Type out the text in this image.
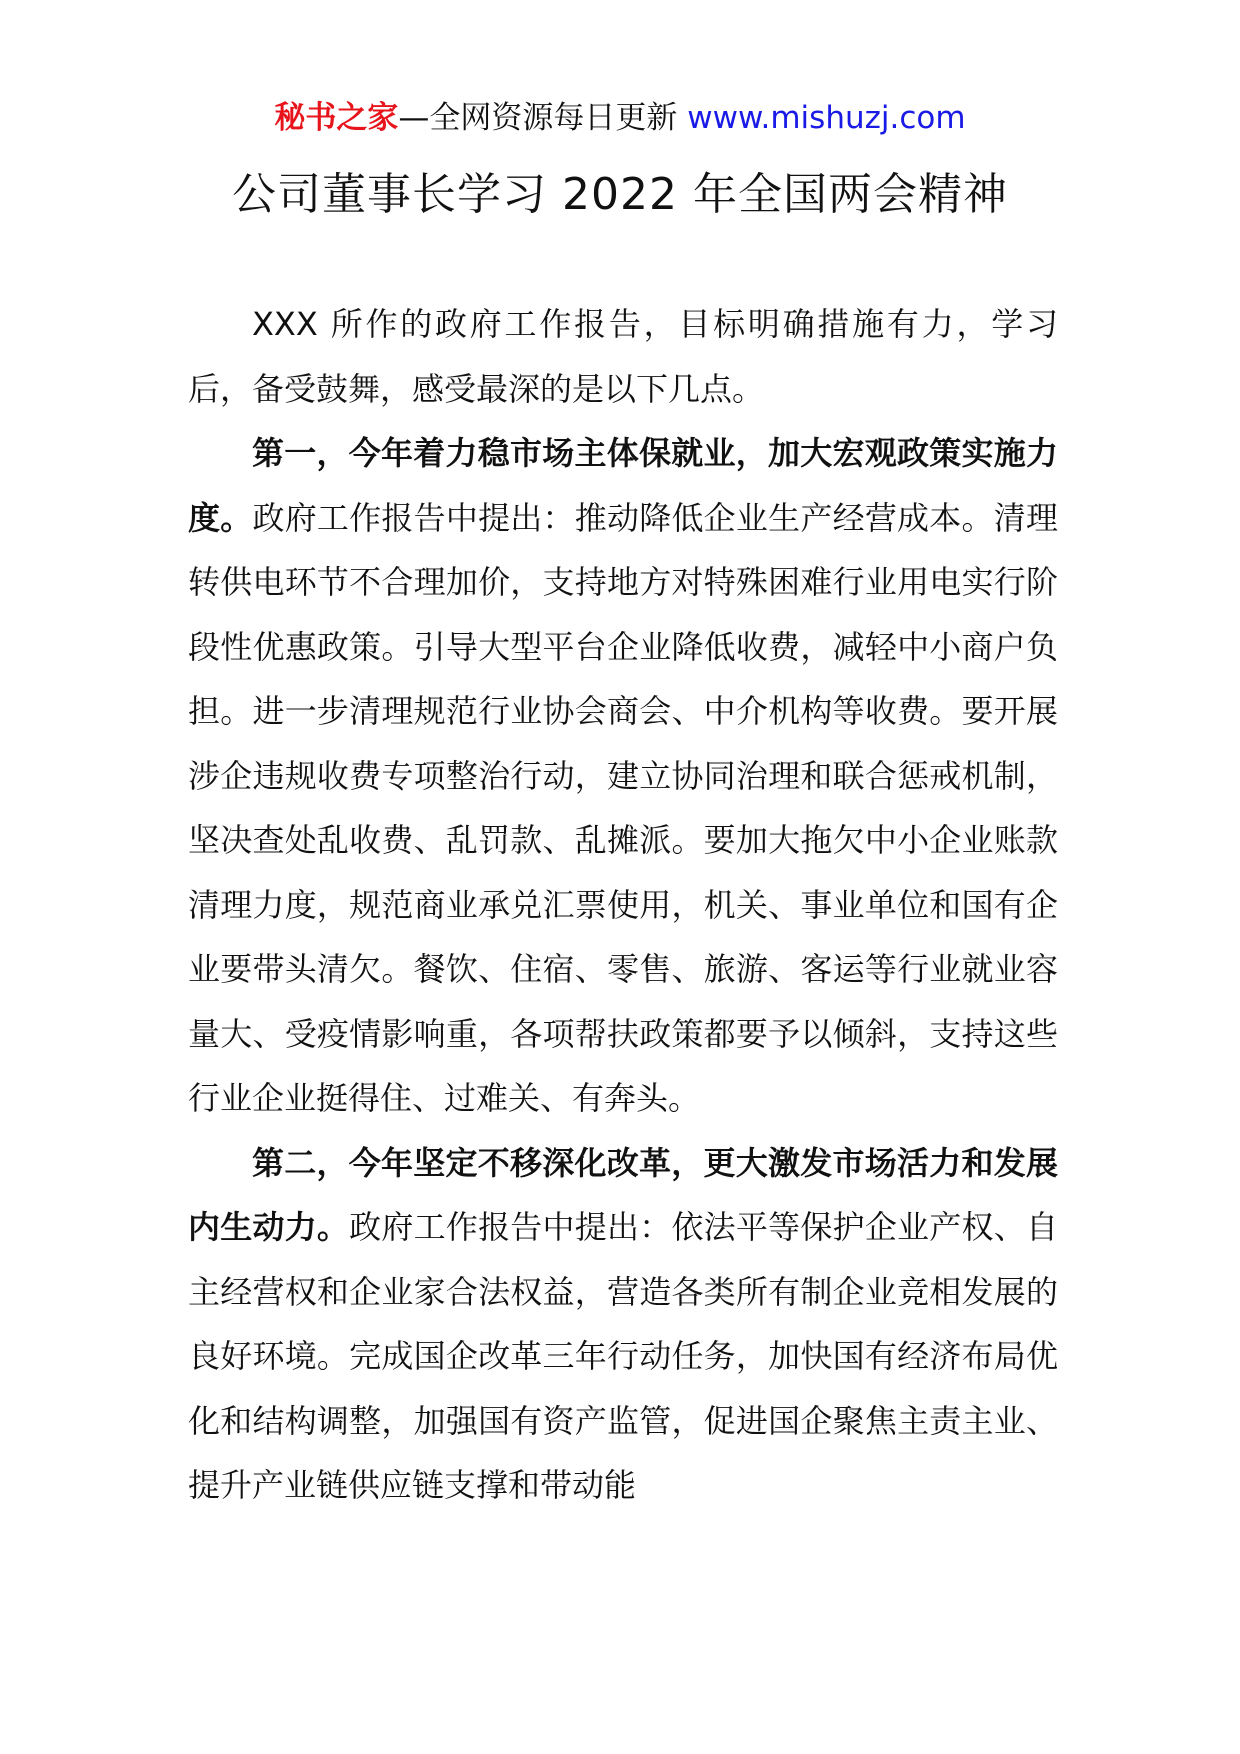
秘书之家—全网资源每日更新 www.mishuzj.com
公司董事长学习 2022 年全国两会精神

XXX 所作的政府工作报告，目标明确措施有力，学习后，备受鼓舞，感受最深的是以下几点。

第一，今年着力稳市场主体保就业，加大宏观政策实施力度。政府工作报告中提出：推动降低企业生产经营成本。清理转供电环节不合理加价，支持地方对特殊困难行业用电实行阶段性优惠政策。引导大型平台企业降低收费，减轻中小商户负担。进一步清理规范行业协会商会、中介机构等收费。要开展涉企违规收费专项整治行动，建立协同治理和联合惩戒机制，坚决查处乱收费、乱罚款、乱摊派。要加大拖欠中小企业账款清理力度，规范商业承兑汇票使用，机关、事业单位和国有企业要带头清欠。餐饮、住宿、零售、旅游、客运等行业就业容量大、受疫情影响重，各项帮扶政策都要予以倾斜，支持这些行业企业挺得住、过难关、有奔头。

第二，今年坚定不移深化改革，更大激发市场活力和发展内生动力。政府工作报告中提出：依法平等保护企业产权、自主经营权和企业家合法权益，营造各类所有制企业竞相发展的良好环境。完成国企改革三年行动任务，加快国有经济布局优化和结构调整，加强国有资产监管，促进国企聚焦主责主业、提升产业链供应链支撑和带动能
